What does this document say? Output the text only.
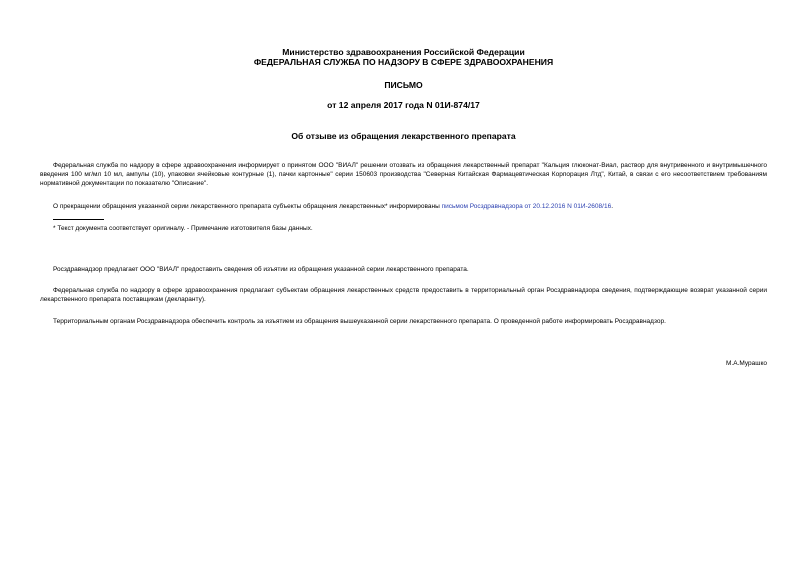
Министерство здравоохранения Российской Федерации
ФЕДЕРАЛЬНАЯ СЛУЖБА ПО НАДЗОРУ В СФЕРЕ ЗДРАВООХРАНЕНИЯ
ПИСЬМО
от 12 апреля 2017 года N 01И-874/17
Об отзыве из обращения лекарственного препарата
Федеральная служба по надзору в сфере здравоохранения информирует о принятом ООО "ВИАЛ" решении отозвать из обращения лекарственный препарат "Кальция глюконат-Виал, раствор для внутривенного и внутримышечного введения 100 мг/мл 10 мл, ампулы (10), упаковки ячейковые контурные (1), пачки картонные" серии 150603 производства "Северная Китайская Фармацевтическая Корпорация Лтд", Китай, в связи с его несоответствием требованиям нормативной документации по показателю "Описание".
О прекращении обращения указанной серии лекарственного препарата субъекты обращения лекарственных* информированы письмом Росздравнадзора от 20.12.2016 N 01И-2608/16.
* Текст документа соответствует оригиналу. - Примечание изготовителя базы данных.
Росздравнадзор предлагает ООО "ВИАЛ" предоставить сведения об изъятии из обращения указанной серии лекарственного препарата.
Федеральная служба по надзору в сфере здравоохранения предлагает субъектам обращения лекарственных средств предоставить в территориальный орган Росздравнадзора сведения, подтверждающие возврат указанной серии лекарственного препарата поставщикам (декларанту).
Территориальным органам Росздравнадзора обеспечить контроль за изъятием из обращения вышеуказанной серии лекарственного препарата. О проведенной работе информировать Росздравнадзор.
М.А.Мурашко
